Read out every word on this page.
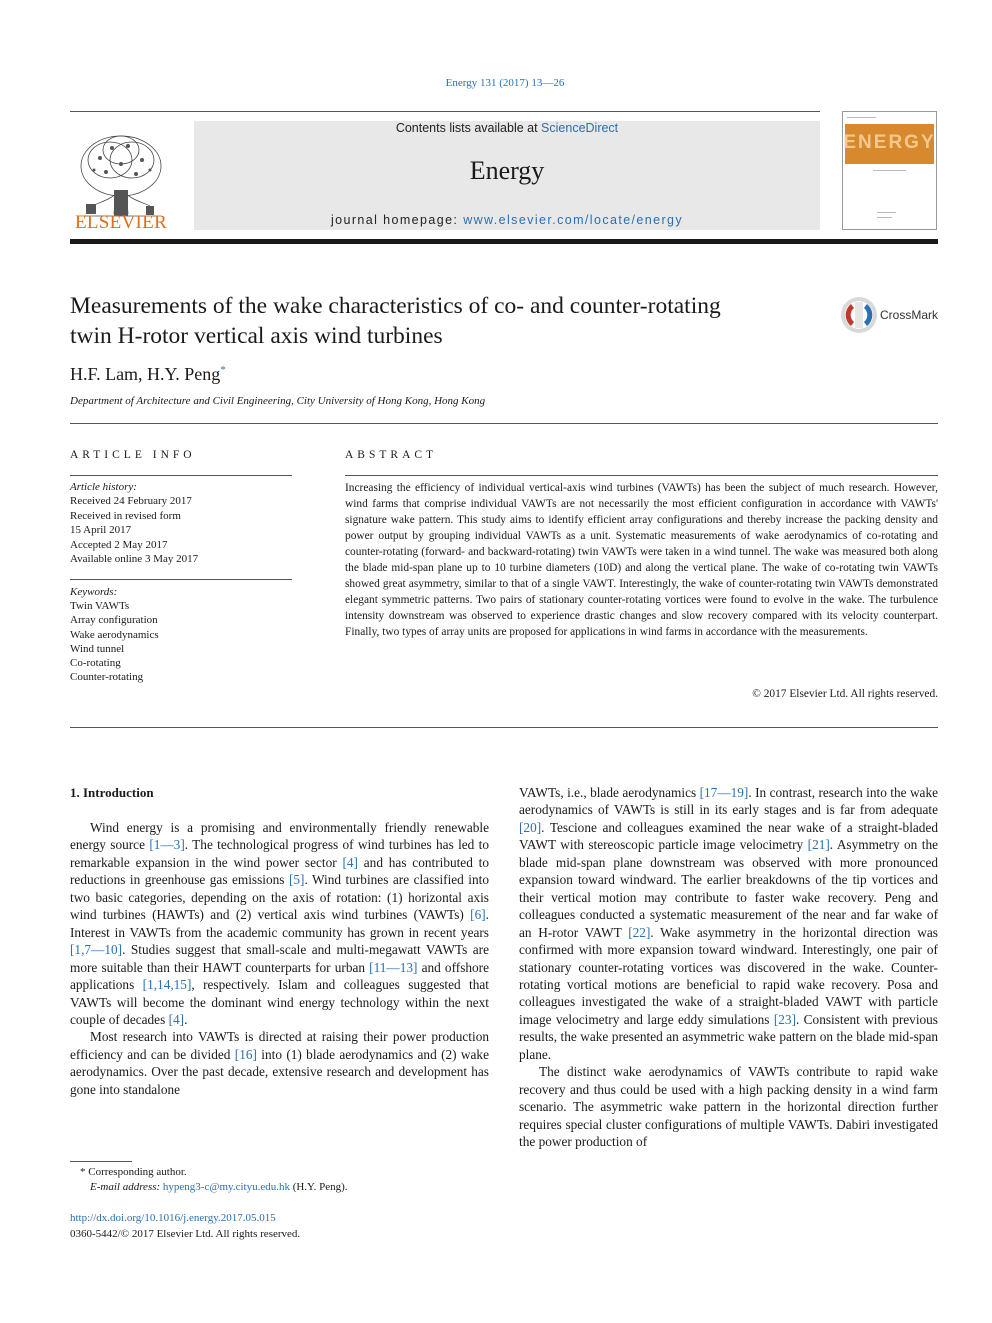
Energy 131 (2017) 13—26
ELSEVIER
Contents lists available at ScienceDirect
Energy
journal homepage: www.elsevier.com/locate/energy
ENERGY
Measurements of the wake characteristics of co- and counter-rotating
twin H-rotor vertical axis wind turbines
CrossMark
H.F. Lam, H.Y. Peng*
Department of Architecture and Civil Engineering, City University of Hong Kong, Hong Kong
ARTICLE INFO
Article history:
Received 24 February 2017
Received in revised form
15 April 2017
Accepted 2 May 2017
Available online 3 May 2017
Keywords:
Twin VAWTs
Array configuration
Wake aerodynamics
Wind tunnel
Co-rotating
Counter-rotating
ABSTRACT
Increasing the efficiency of individual vertical-axis wind turbines (VAWTs) has been the subject of much research. However, wind farms that comprise individual VAWTs are not necessarily the most efficient configuration in accordance with VAWTs' signature wake pattern. This study aims to identify efficient array configurations and thereby increase the packing density and power output by grouping individual VAWTs as a unit. Systematic measurements of wake aerodynamics of co-rotating and counter-rotating (forward- and backward-rotating) twin VAWTs were taken in a wind tunnel. The wake was measured both along the blade mid-span plane up to 10 turbine diameters (10D) and along the vertical plane. The wake of co-rotating twin VAWTs showed great asymmetry, similar to that of a single VAWT. Interestingly, the wake of counter-rotating twin VAWTs demonstrated elegant symmetric patterns. Two pairs of stationary counter-rotating vortices were found to evolve in the wake. The turbulence intensity downstream was observed to experience drastic changes and slow recovery compared with its velocity counterpart. Finally, two types of array units are proposed for applications in wind farms in accordance with the measurements.
© 2017 Elsevier Ltd. All rights reserved.
1. Introduction

Wind energy is a promising and environmentally friendly renewable energy source [1—3]. The technological progress of wind turbines has led to remarkable expansion in the wind power sector [4] and has contributed to reductions in greenhouse gas emissions [5]. Wind turbines are classified into two basic categories, depending on the axis of rotation: (1) horizontal axis wind turbines (HAWTs) and (2) vertical axis wind turbines (VAWTs) [6]. Interest in VAWTs from the academic community has grown in recent years [1,7—10]. Studies suggest that small-scale and multi-megawatt VAWTs are more suitable than their HAWT counterparts for urban [11—13] and offshore applications [1,14,15], respectively. Islam and colleagues suggested that VAWTs will become the dominant wind energy technology within the next couple of decades [4].

Most research into VAWTs is directed at raising their power production efficiency and can be divided [16] into (1) blade aerodynamics and (2) wake aerodynamics. Over the past decade, extensive research and development has gone into standalone

VAWTs, i.e., blade aerodynamics [17—19]. In contrast, research into the wake aerodynamics of VAWTs is still in its early stages and is far from adequate [20]. Tescione and colleagues examined the near wake of a straight-bladed VAWT with stereoscopic particle image velocimetry [21]. Asymmetry on the blade mid-span plane downstream was observed with more pronounced expansion toward windward. The earlier breakdowns of the tip vortices and their vertical motion may contribute to faster wake recovery. Peng and colleagues conducted a systematic measurement of the near and far wake of an H-rotor VAWT [22]. Wake asymmetry in the horizontal direction was confirmed with more expansion toward windward. Interestingly, one pair of stationary counter-rotating vortices was discovered in the wake. Counter-rotating vortical motions are beneficial to rapid wake recovery. Posa and colleagues investigated the wake of a straight-bladed VAWT with particle image velocimetry and large eddy simulations [23]. Consistent with previous results, the wake presented an asymmetric wake pattern on the blade mid-span plane.

The distinct wake aerodynamics of VAWTs contribute to rapid wake recovery and thus could be used with a high packing density in a wind farm scenario. The asymmetric wake pattern in the horizontal direction further requires special cluster configurations of multiple VAWTs. Dabiri investigated the power production of

* Corresponding author.
E-mail address: hypeng3-c@my.cityu.edu.hk (H.Y. Peng).
http://dx.doi.org/10.1016/j.energy.2017.05.015
0360-5442/© 2017 Elsevier Ltd. All rights reserved.
